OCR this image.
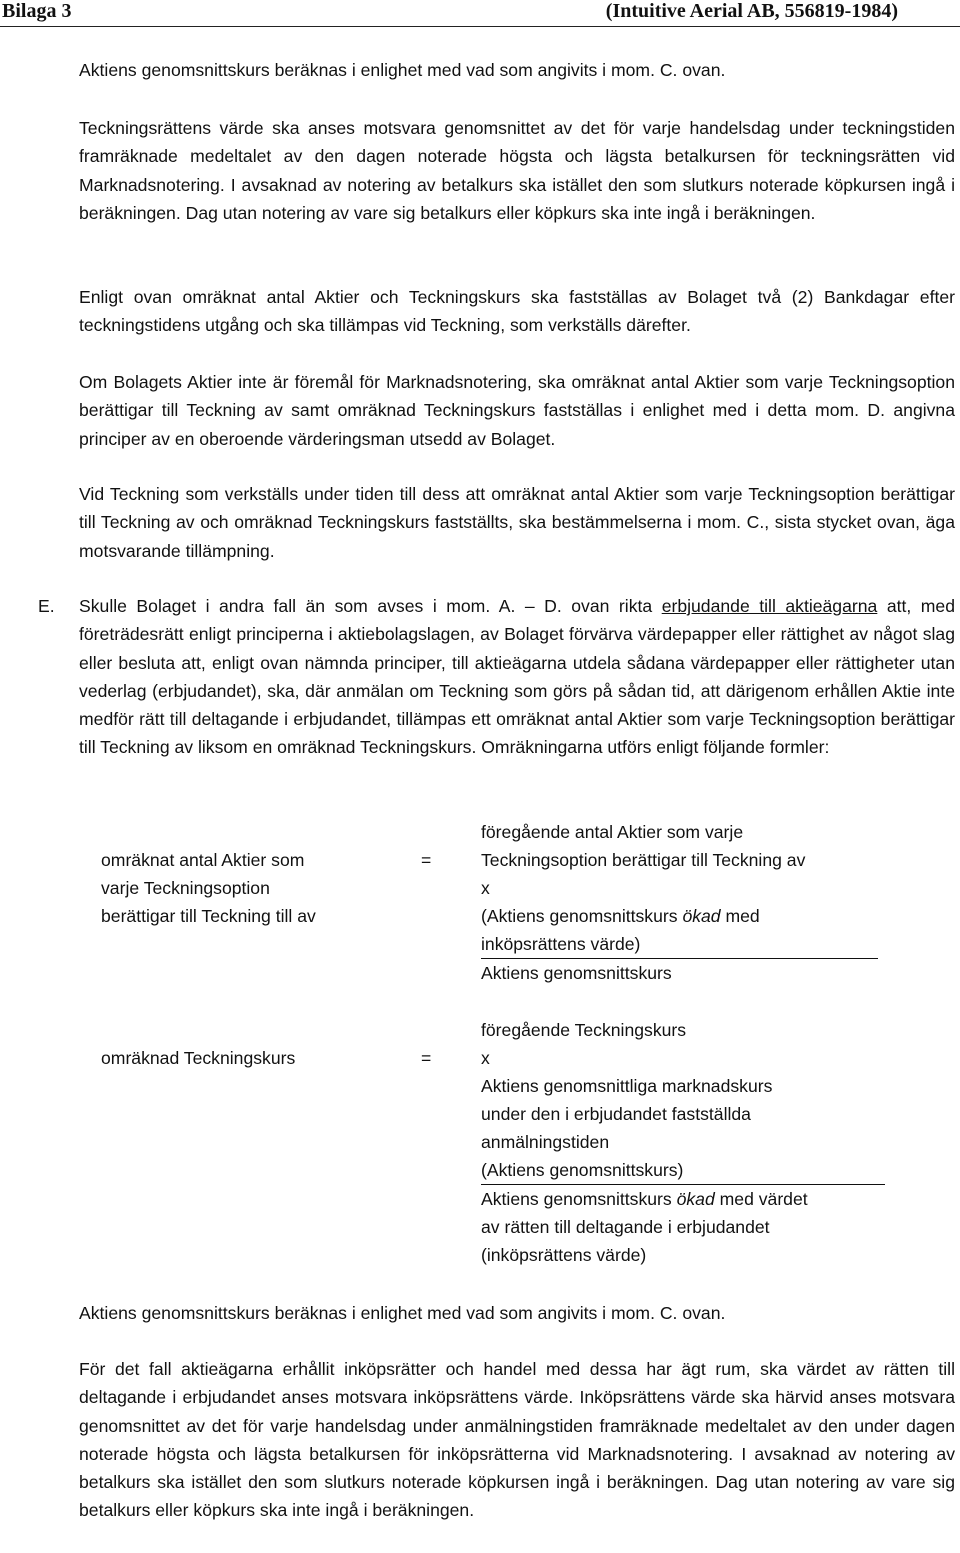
Bilaga 3	(Intuitive Aerial AB, 556819-1984)

Aktiens genomsnittskurs beräknas i enlighet med vad som angivits i mom. C. ovan.

Teckningsrättens värde ska anses motsvara genomsnittet av det för varje handelsdag under teckningstiden framräknade medeltalet av den dagen noterade högsta och lägsta betalkursen för teckningsrätten vid Marknadsnotering. I avsaknad av notering av betalkurs ska istället den som slutkurs noterade köpkursen ingå i beräkningen. Dag utan notering av vare sig betalkurs eller köpkurs ska inte ingå i beräkningen.

Enligt ovan omräknat antal Aktier och Teckningskurs ska fastställas av Bolaget två (2) Bankdagar efter teckningstidens utgång och ska tillämpas vid Teckning, som verkställs därefter.

Om Bolagets Aktier inte är föremål för Marknadsnotering, ska omräknat antal Aktier som varje Teckningsoption berättigar till Teckning av samt omräknad Teckningskurs fastställas i enlighet med i detta mom. D. angivna principer av en oberoende värderingsman utsedd av Bolaget.

Vid Teckning som verkställs under tiden till dess att omräknat antal Aktier som varje Teckningsoption berättigar till Teckning av och omräknad Teckningskurs fastställts, ska bestämmelserna i mom. C., sista stycket ovan, äga motsvarande tillämpning.

E. Skulle Bolaget i andra fall än som avses i mom. A. – D. ovan rikta erbjudande till aktieägarna att, med företrädesrätt enligt principerna i aktiebolagslagen, av Bolaget förvärva värdepapper eller rättighet av något slag eller besluta att, enligt ovan nämnda principer, till aktieägarna utdela sådana värdepapper eller rättigheter utan vederlag (erbjudandet), ska, där anmälan om Teckning som görs på sådan tid, att därigenom erhållen Aktie inte medför rätt till deltagande i erbjudandet, tillämpas ett omräknat antal Aktier som varje Teckningsoption berättigar till Teckning av liksom en omräknad Teckningskurs. Omräkningarna utförs enligt följande formler:

omräknat antal Aktier som
varje Teckningsoption
berättigar till Teckning till av
=
föregående antal Aktier som varje
Teckningsoption berättigar till Teckning av
x
(Aktiens genomsnittskurs ökad med
inköpsrättens värde)
Aktiens genomsnittskurs
omräknad Teckningskurs	=
föregående Teckningskurs
x
Aktiens genomsnittliga marknadskurs
under den i erbjudandet fastställda
anmälningstiden
(Aktiens genomsnittskurs)
Aktiens genomsnittskurs ökad med värdet
av rätten till deltagande i erbjudandet
(inköpsrättens värde)

Aktiens genomsnittskurs beräknas i enlighet med vad som angivits i mom. C. ovan.

För det fall aktieägarna erhållit inköpsrätter och handel med dessa har ägt rum, ska värdet av rätten till deltagande i erbjudandet anses motsvara inköpsrättens värde. Inköpsrättens värde ska härvid anses motsvara genomsnittet av det för varje handelsdag under anmälningstiden framräknade medeltalet av den under dagen noterade högsta och lägsta betalkursen för inköpsrätterna vid Marknadsnotering. I avsaknad av notering av betalkurs ska istället den som slutkurs noterade köpkursen ingå i beräkningen. Dag utan notering av vare sig betalkurs eller köpkurs ska inte ingå i beräkningen.
